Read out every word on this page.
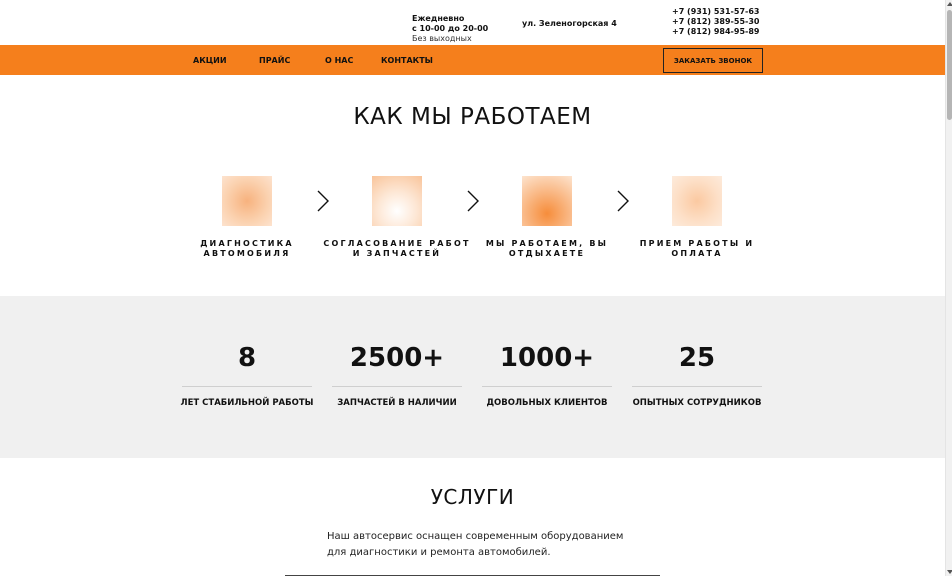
Ежедневно
с 10-00 до 20-00
Без выходных
ул. Зеленогорская 4
+7 (931) 531-57-63
+7 (812) 389-55-30
+7 (812) 984-95-89
АКЦИИ	ПРАЙС	О НАС	КОНТАКТЫ	ЗАКАЗАТЬ ЗВОНОК
КАК МЫ РАБОТАЕМ
ДИАГНОСТИКА АВТОМОБИЛЯ
СОГЛАСОВАНИЕ РАБОТ И ЗАПЧАСТЕЙ
МЫ РАБОТАЕМ, ВЫ ОТДЫХАЕТЕ
ПРИЕМ РАБОТЫ И ОПЛАТА
8
ЛЕТ СТАБИЛЬНОЙ РАБОТЫ
2500+
ЗАПЧАСТЕЙ В НАЛИЧИИ
1000+
ДОВОЛЬНЫХ КЛИЕНТОВ
25
ОПЫТНЫХ СОТРУДНИКОВ
УСЛУГИ

Наш автосервис оснащен современным оборудованием для диагностики и ремонта автомобилей.
